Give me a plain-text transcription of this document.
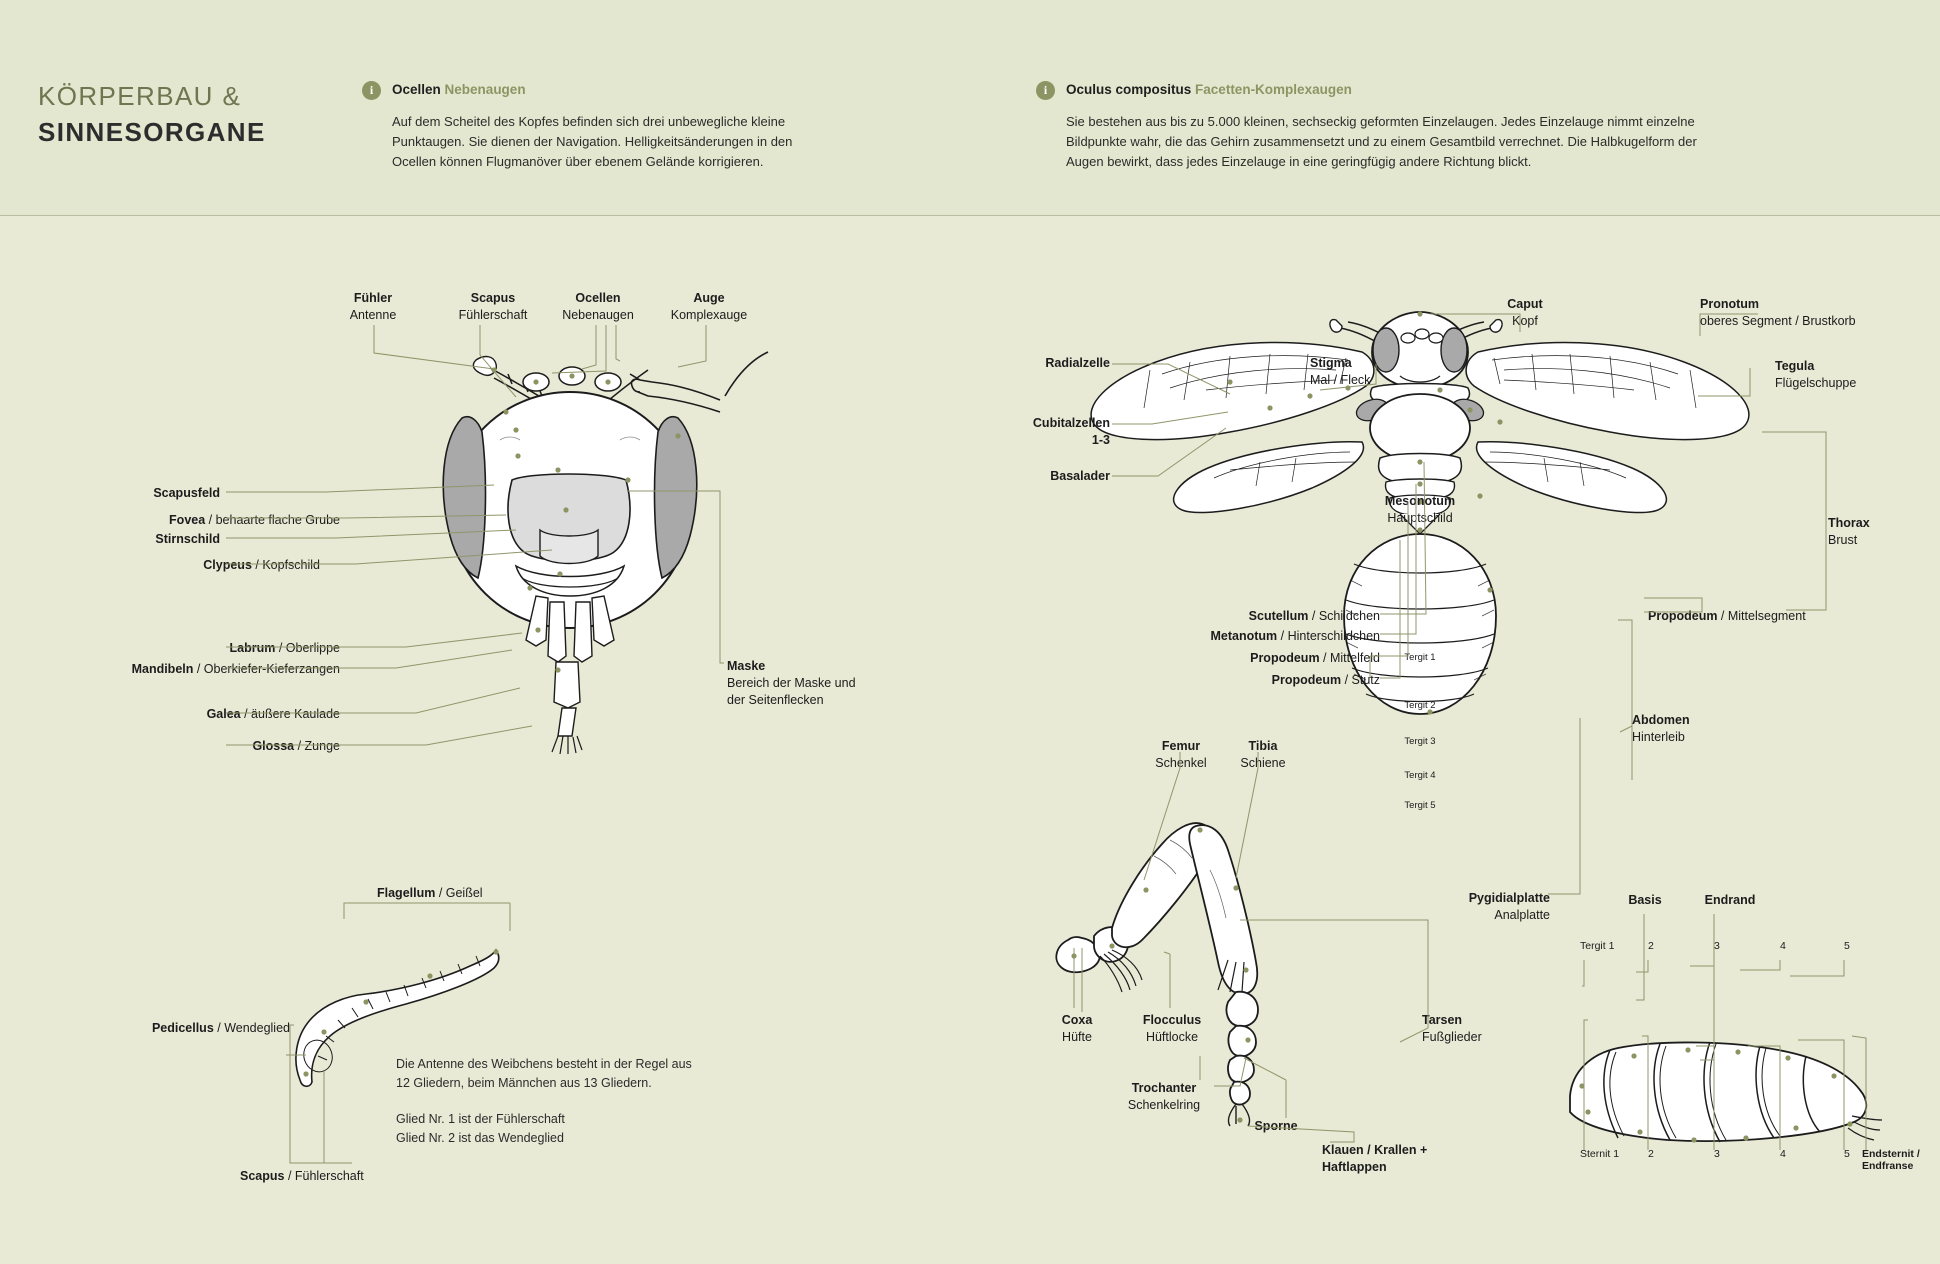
KÖRPERBAU &
SINNESORGANE
i	Ocellen Nebenaugen
Auf dem Scheitel des Kopfes befinden sich drei unbewegliche kleine Punktaugen. Sie dienen der Navigation. Helligkeitsänderungen in den Ocellen können Flugmanöver über ebenem Gelände korrigieren.
i	Oculus compositus Facetten-Komplexaugen
Sie bestehen aus bis zu 5.000 kleinen, sechseckig geformten Einzelaugen. Jedes Einzelauge nimmt einzelne Bildpunkte wahr, die das Gehirn zusammensetzt und zu einem Gesamtbild verrechnet. Die Halbkugelform der Augen bewirkt, dass jedes Einzelauge in eine geringfügig andere Richtung blickt.
Fühler
Antenne
Scapus
Fühlerschaft
Ocellen
Nebenaugen
Auge
Komplexauge
Scapusfeld
Fovea / behaarte flache Grube
Stirnschild
Clypeus / Kopfschild
Labrum / Oberlippe
Mandibeln / Oberkiefer-Kieferzangen
Galea / äußere Kaulade
Glossa / Zunge
Maske
Bereich der Maske und
der Seitenflecken
Flagellum / Geißel
Pedicellus / Wendeglied
Scapus / Fühlerschaft
Die Antenne des Weibchens besteht in der Regel aus
12 Gliedern, beim Männchen aus 13 Gliedern.
Glied Nr. 1 ist der Fühlerschaft
Glied Nr. 2 ist das Wendeglied
Tergit 1
Tergit 2
Tergit 3
Tergit 4
Tergit 5
Mesonotum
Hauptschild
Radialzelle
Cubitalzellen
1-3
Basalader
Caput
Kopf
Pronotum
oberes Segment / Brustkorb
Stigma
Mal / Fleck
Tegula
Flügelschuppe
Scutellum / Schildchen
Metanotum / Hinterschildchen
Propodeum / Mittelfeld
Propodeum / Stutz
Thorax
Brust
Propodeum / Mittelsegment
Abdomen
Hinterleib
Pygidialplatte
Analplatte
Femur
Schenkel
Tibia
Schiene
Coxa
Hüfte
Flocculus
Hüftlocke
Trochanter
Schenkelring
Sporne
Tarsen
Fußglieder
Klauen / Krallen +
Haftlappen
Basis	Endrand
Tergit 1	2	3	4	5
Sternit 1	2	3	4	5 Endsternit /
Endfranse
